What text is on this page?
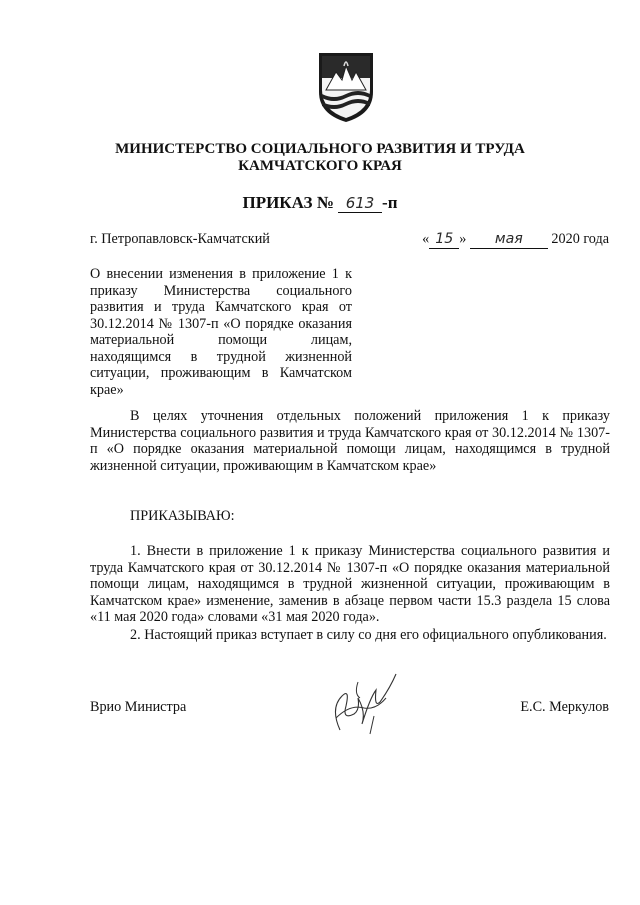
МИНИСТЕРСТВО СОЦИАЛЬНОГО РАЗВИТИЯ И ТРУДА
КАМЧАТСКОГО КРАЯ
ПРИКАЗ № 613 -п
г. Петропавловск-Камчатский	« 15 » мая 2020 года
О внесении изменения в приложение 1 к приказу Министерства социального развития и труда Камчатского края от 30.12.2014 № 1307-п «О порядке оказания материальной помощи лицам, находящимся в трудной жизненной ситуации, проживающим в Камчатском крае»
В целях уточнения отдельных положений приложения 1 к приказу Министерства социального развития и труда Камчатского края от 30.12.2014 № 1307-п «О порядке оказания материальной помощи лицам, находящимся в трудной жизненной ситуации, проживающим в Камчатском крае»
ПРИКАЗЫВАЮ:
1. Внести в приложение 1 к приказу Министерства социального развития и труда Камчатского края от 30.12.2014 № 1307-п «О порядке оказания материальной помощи лицам, находящимся в трудной жизненной ситуации, проживающим в Камчатском крае» изменение, заменив в абзаце первом части 15.3 раздела 15 слова «11 мая 2020 года» словами «31 мая 2020 года».
2. Настоящий приказ вступает в силу со дня его официального опубликования.
Врио Министра	Е.С. Меркулов
